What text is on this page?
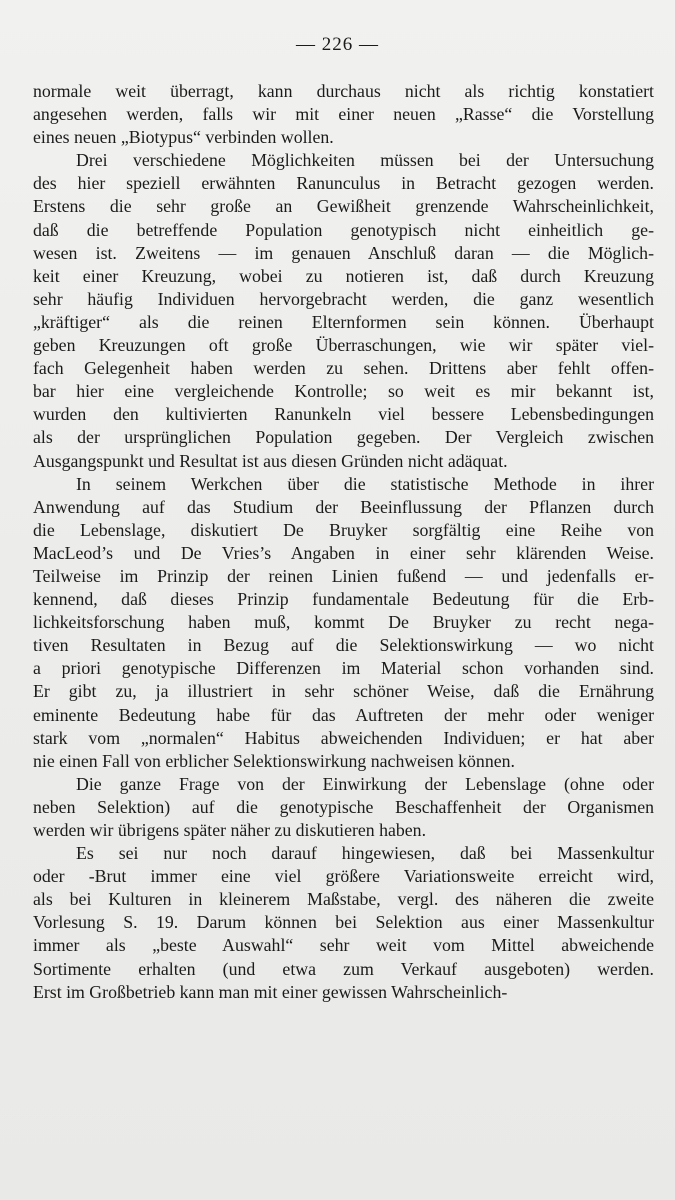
— 226 —
normale weit überragt, kann durchaus nicht als richtig konstatiert
angesehen werden, falls wir mit einer neuen „Rasse“ die Vorstellung
eines neuen „Biotypus“ verbinden wollen.
Drei verschiedene Möglichkeiten müssen bei der Untersuchung
des hier speziell erwähnten Ranunculus in Betracht gezogen werden.
Erstens die sehr große an Gewißheit grenzende Wahrscheinlichkeit,
daß die betreffende Population genotypisch nicht einheitlich ge-
wesen ist. Zweitens — im genauen Anschluß daran — die Möglich-
keit einer Kreuzung, wobei zu notieren ist, daß durch Kreuzung
sehr häufig Individuen hervorgebracht werden, die ganz wesentlich
„kräftiger“ als die reinen Elternformen sein können. Überhaupt
geben Kreuzungen oft große Überraschungen, wie wir später viel-
fach Gelegenheit haben werden zu sehen. Drittens aber fehlt offen-
bar hier eine vergleichende Kontrolle; so weit es mir bekannt ist,
wurden den kultivierten Ranunkeln viel bessere Lebensbedingungen
als der ursprünglichen Population gegeben. Der Vergleich zwischen
Ausgangspunkt und Resultat ist aus diesen Gründen nicht adäquat.
In seinem Werkchen über die statistische Methode in ihrer
Anwendung auf das Studium der Beeinflussung der Pflanzen durch
die Lebenslage, diskutiert De Bruyker sorgfältig eine Reihe von
MacLeod’s und De Vries’s Angaben in einer sehr klärenden Weise.
Teilweise im Prinzip der reinen Linien fußend — und jedenfalls er-
kennend, daß dieses Prinzip fundamentale Bedeutung für die Erb-
lichkeitsforschung haben muß, kommt De Bruyker zu recht nega-
tiven Resultaten in Bezug auf die Selektionswirkung — wo nicht
a priori genotypische Differenzen im Material schon vorhanden sind.
Er gibt zu, ja illustriert in sehr schöner Weise, daß die Ernährung
eminente Bedeutung habe für das Auftreten der mehr oder weniger
stark vom „normalen“ Habitus abweichenden Individuen; er hat aber
nie einen Fall von erblicher Selektionswirkung nachweisen können.
Die ganze Frage von der Einwirkung der Lebenslage (ohne oder
neben Selektion) auf die genotypische Beschaffenheit der Organismen
werden wir übrigens später näher zu diskutieren haben.
Es sei nur noch darauf hingewiesen, daß bei Massenkultur
oder -Brut immer eine viel größere Variationsweite erreicht wird,
als bei Kulturen in kleinerem Maßstabe, vergl. des näheren die zweite
Vorlesung S. 19. Darum können bei Selektion aus einer Massenkultur
immer als „beste Auswahl“ sehr weit vom Mittel abweichende
Sortimente erhalten (und etwa zum Verkauf ausgeboten) werden.
Erst im Großbetrieb kann man mit einer gewissen Wahrscheinlich-
